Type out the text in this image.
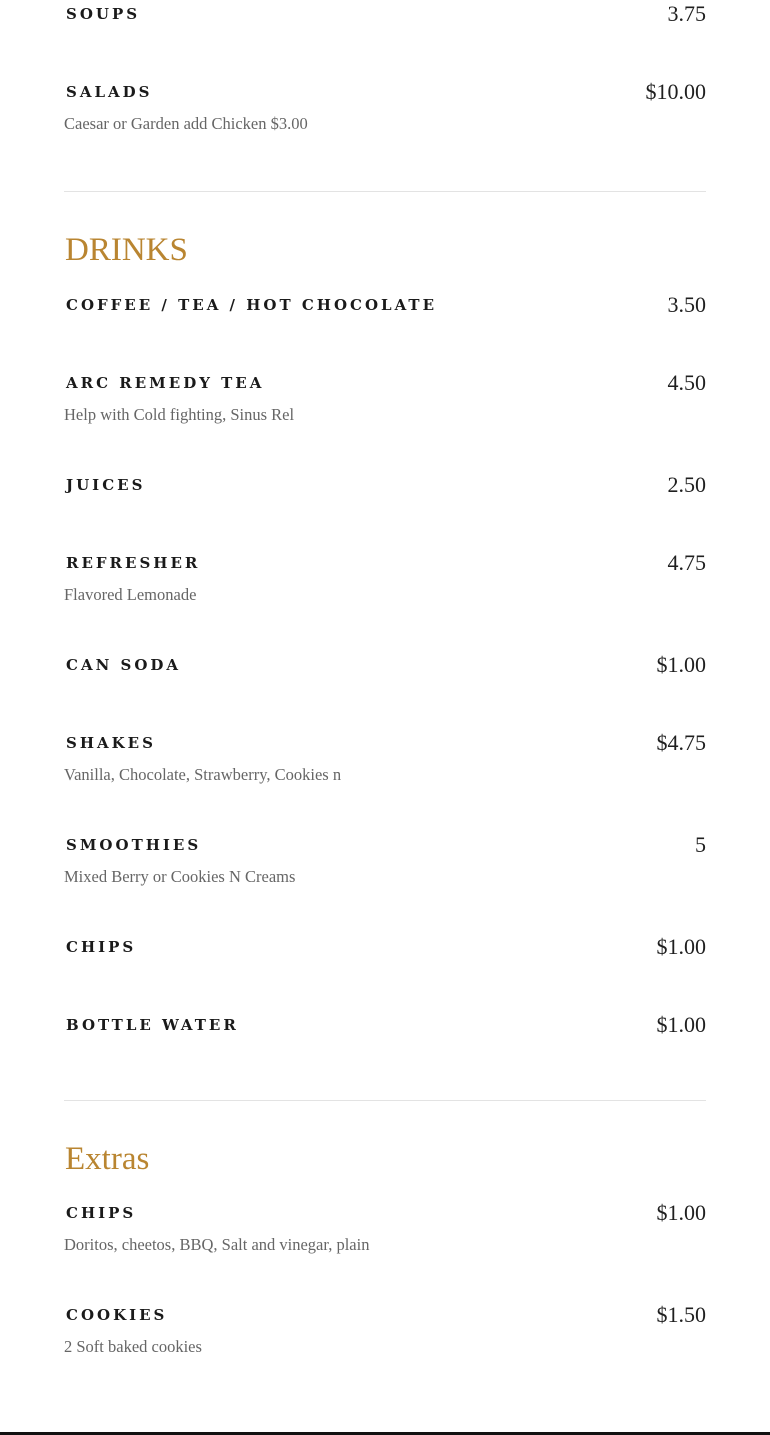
SOUPS	3.75
SALADS	$10.00
Caesar or Garden add Chicken $3.00
DRINKS
COFFEE / TEA / HOT CHOCOLATE	3.50
ARC REMEDY TEA	4.50
Help with Cold fighting, Sinus Rel
JUICES	2.50
REFRESHER	4.75
Flavored Lemonade
CAN SODA	$1.00
SHAKES	$4.75
Vanilla, Chocolate, Strawberry, Cookies n
SMOOTHIES	5
Mixed Berry or Cookies N Creams
CHIPS	$1.00
BOTTLE WATER	$1.00
Extras
CHIPS	$1.00
Doritos, cheetos, BBQ, Salt and vinegar, plain
COOKIES	$1.50
2 Soft baked cookies
